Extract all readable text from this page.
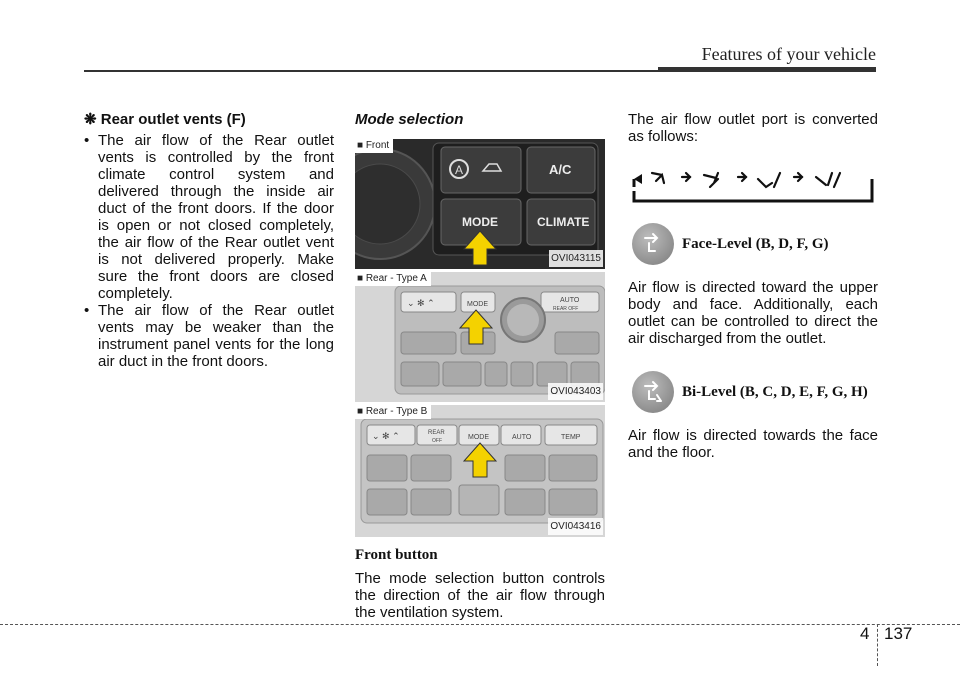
Features of your vehicle
❋ Rear outlet vents (F)
• The air flow of the Rear outlet vents is controlled by the front climate control system and delivered through the inside air duct of the front doors. If the door is open or not closed completely, the air flow of the Rear outlet vent is not delivered properly. Make sure the front doors are closed completely.
• The air flow of the Rear outlet vents may be weaker than the instrument panel vents for the long air duct in the front doors.
Mode selection
A	A/C
MODE	CLIMATE
■ Front
OVI043115
⌄ ✻ ⌃	MODE
AUTO
REAR OFF
■ Rear - Type A
OVI043403
⌄ ✻ ⌃	REAR
OFF	MODE	AUTO	TEMP
■ Rear - Type B
OVI043416
Front button
The mode selection button controls the direction of the air flow through the ventilation system.
The air flow outlet port is converted as follows:
Face-Level (B, D, F, G)
Air flow is directed toward the upper body and face. Additionally, each outlet can be controlled to direct the air discharged from the outlet.
Bi-Level (B, C, D, E, F, G, H)
Air flow is directed towards the face and the floor.
4 137
